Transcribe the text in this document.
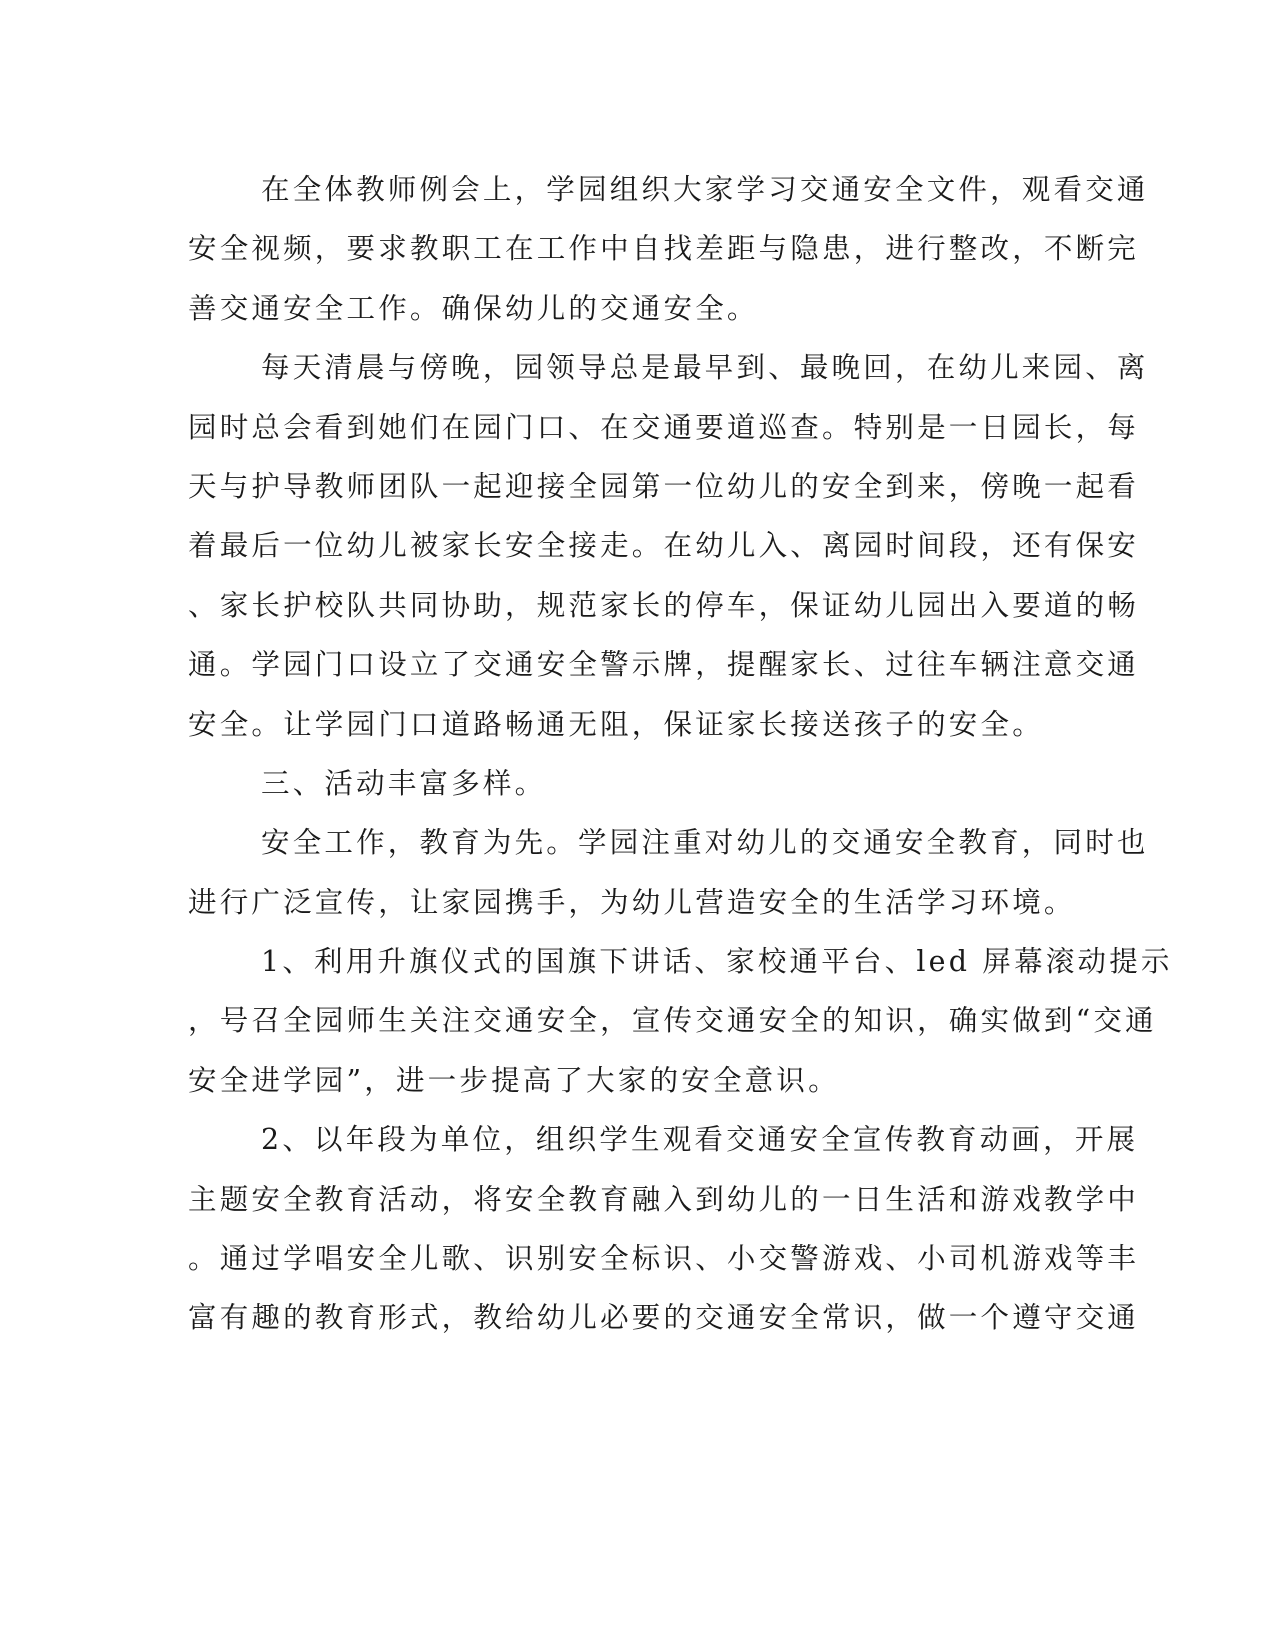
在全体教师例会上，学园组织大家学习交通安全文件，观看交通
安全视频，要求教职工在工作中自找差距与隐患，进行整改，不断完
善交通安全工作。确保幼儿的交通安全。
每天清晨与傍晚，园领导总是最早到、最晚回，在幼儿来园、离
园时总会看到她们在园门口、在交通要道巡查。特别是一日园长，每
天与护导教师团队一起迎接全园第一位幼儿的安全到来，傍晚一起看
着最后一位幼儿被家长安全接走。在幼儿入、离园时间段，还有保安
、家长护校队共同协助，规范家长的停车，保证幼儿园出入要道的畅
通。学园门口设立了交通安全警示牌，提醒家长、过往车辆注意交通
安全。让学园门口道路畅通无阻，保证家长接送孩子的安全。
三、活动丰富多样。
安全工作，教育为先。学园注重对幼儿的交通安全教育，同时也
进行广泛宣传，让家园携手，为幼儿营造安全的生活学习环境。
1、利用升旗仪式的国旗下讲话、家校通平台、led 屏幕滚动提示
，号召全园师生关注交通安全，宣传交通安全的知识，确实做到“交通
安全进学园”，进一步提高了大家的安全意识。
2、以年段为单位，组织学生观看交通安全宣传教育动画，开展
主题安全教育活动，将安全教育融入到幼儿的一日生活和游戏教学中
。通过学唱安全儿歌、识别安全标识、小交警游戏、小司机游戏等丰
富有趣的教育形式，教给幼儿必要的交通安全常识，做一个遵守交通
